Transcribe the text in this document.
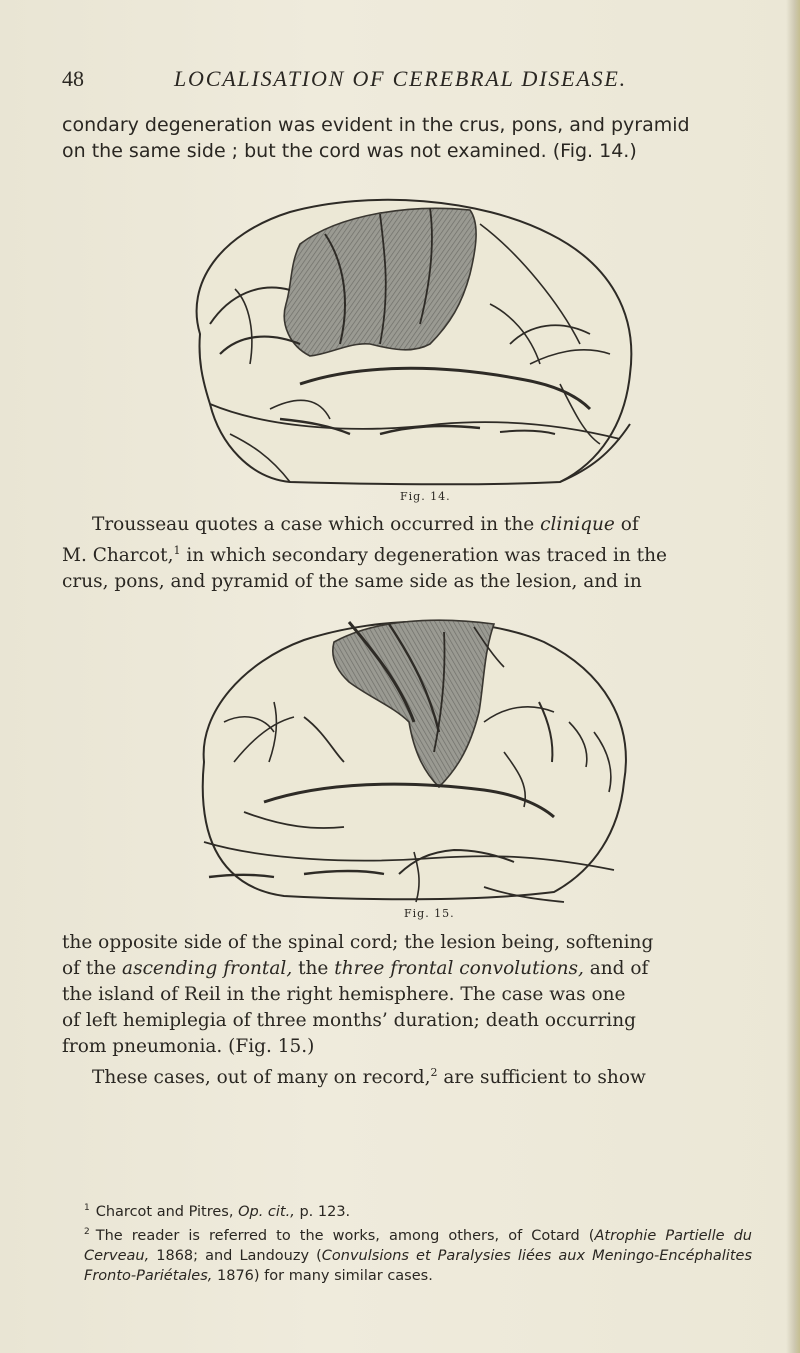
48	LOCALISATION OF CEREBRAL DISEASE.
condary degeneration was evident in the crus, pons, and pyramid
on the same side ; but the cord was not examined. (Fig. 14.)
Fig. 14.
Trousseau quotes a case which occurred in the clinique of
M. Charcot,$^1$ in which secondary degeneration was traced in the
crus, pons, and pyramid of the same side as the lesion, and in
Fig. 15.
the opposite side of the spinal cord; the lesion being, softening
of the ascending frontal, the three frontal convolutions, and of
the island of Reil in the right hemisphere. The case was one
of left hemiplegia of three months’ duration; death occurring
from pneumonia. (Fig. 15.)
These cases, out of many on record,$^2$ are sufficient to show

$^1$ Charcot and Pitres, Op. cit., p. 123.

$^2$ The reader is referred to the works, among others, of Cotard (Atrophie Partielle du Cerveau, 1868; and Landouzy (Convulsions et Paralysies liées aux Meningo-Encéphalites Fronto-Pariétales, 1876) for many similar cases.
